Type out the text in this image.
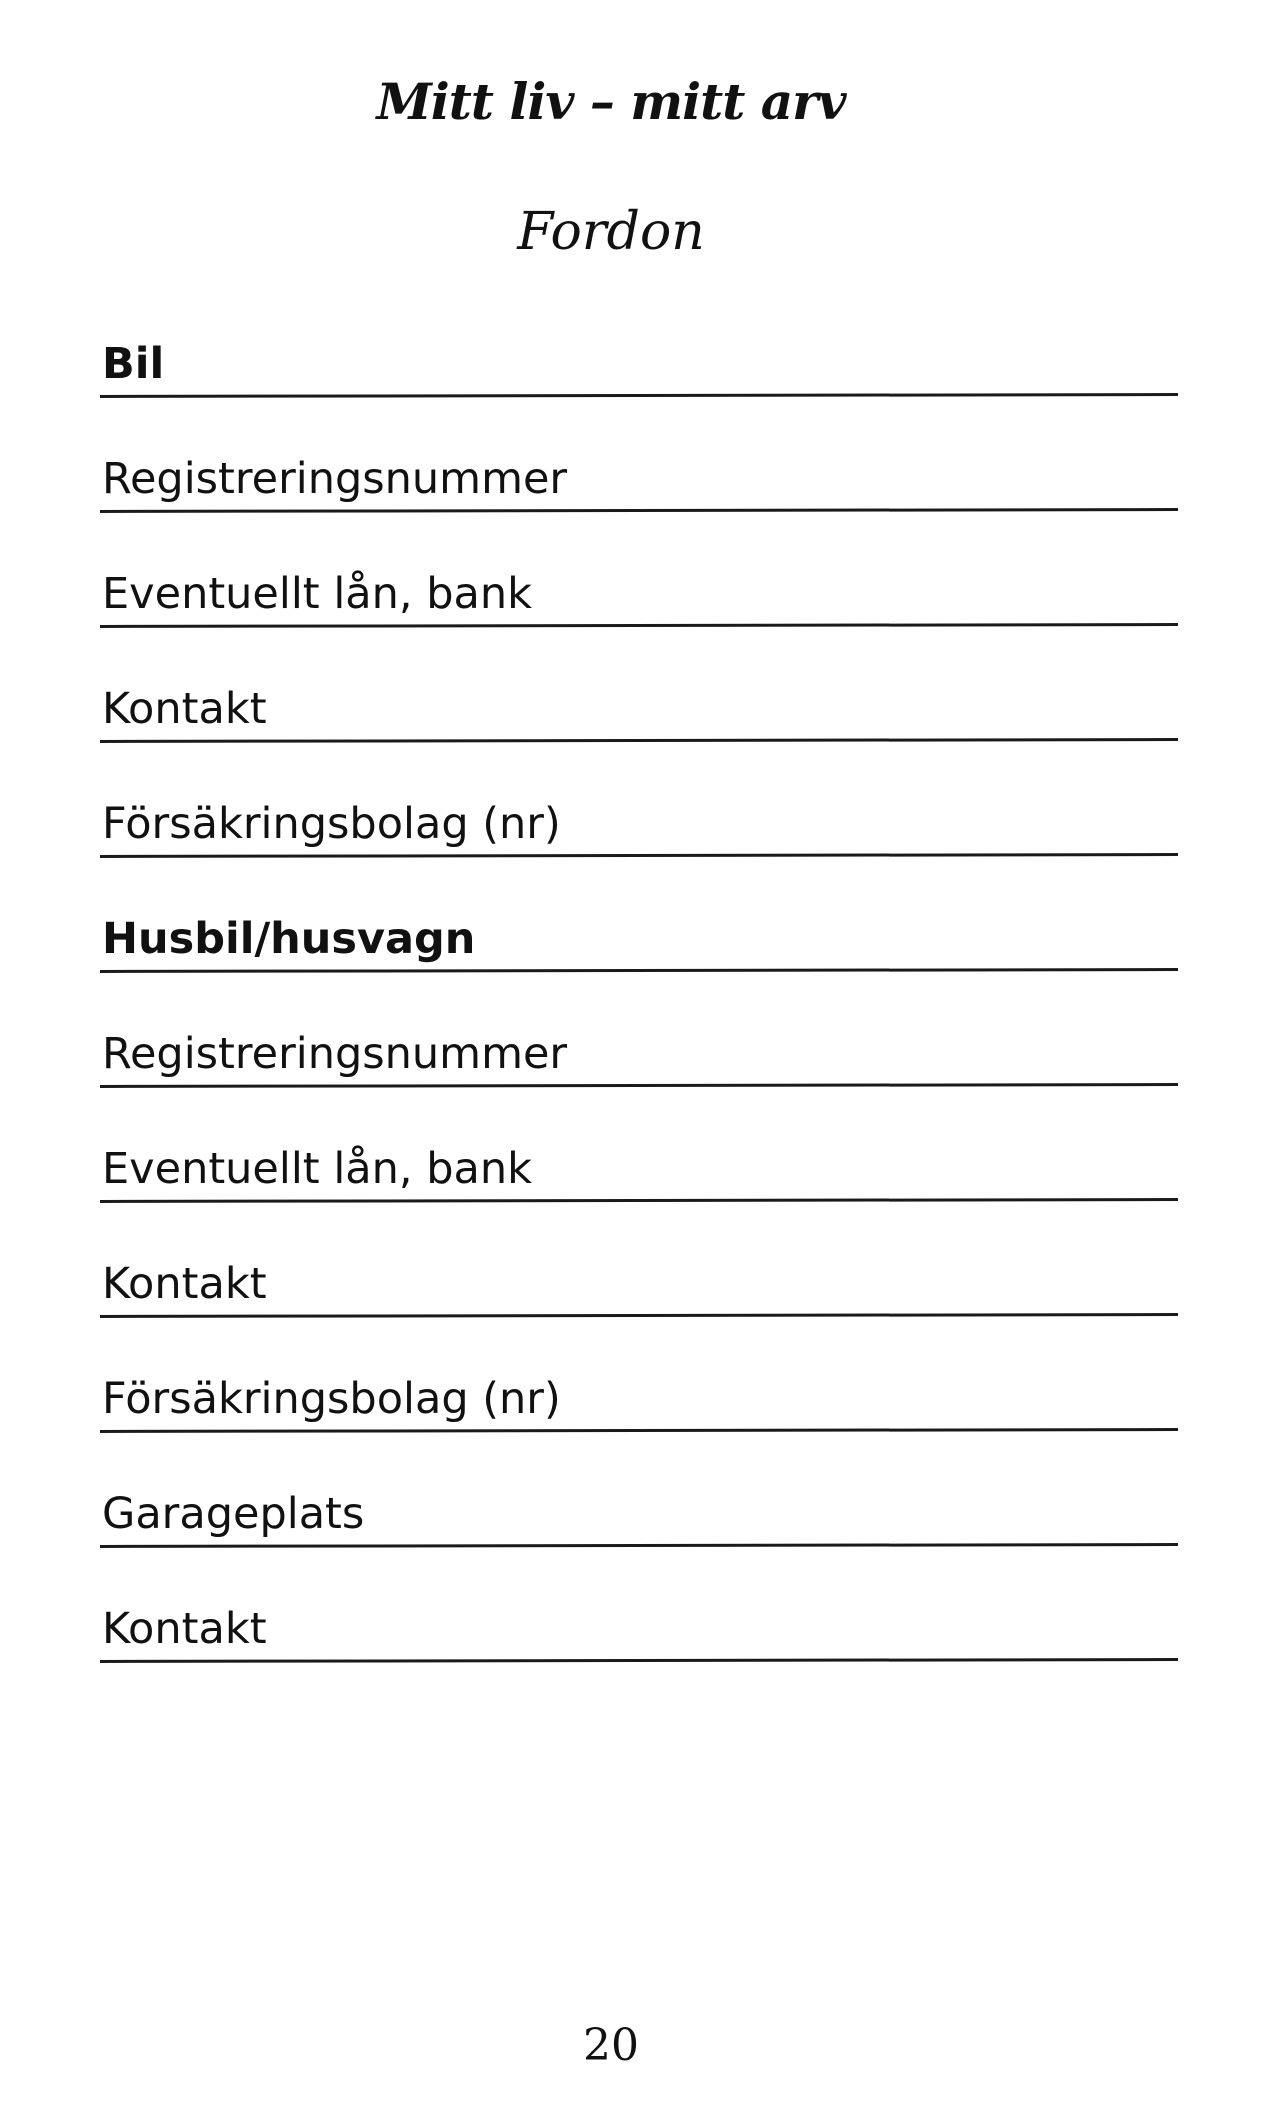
Mitt liv – mitt arv
Fordon
Bil
Registreringsnummer
Eventuellt lån, bank
Kontakt
Försäkringsbolag (nr)
Husbil/husvagn
Registreringsnummer
Eventuellt lån, bank
Kontakt
Försäkringsbolag (nr)
Garageplats
Kontakt
20
